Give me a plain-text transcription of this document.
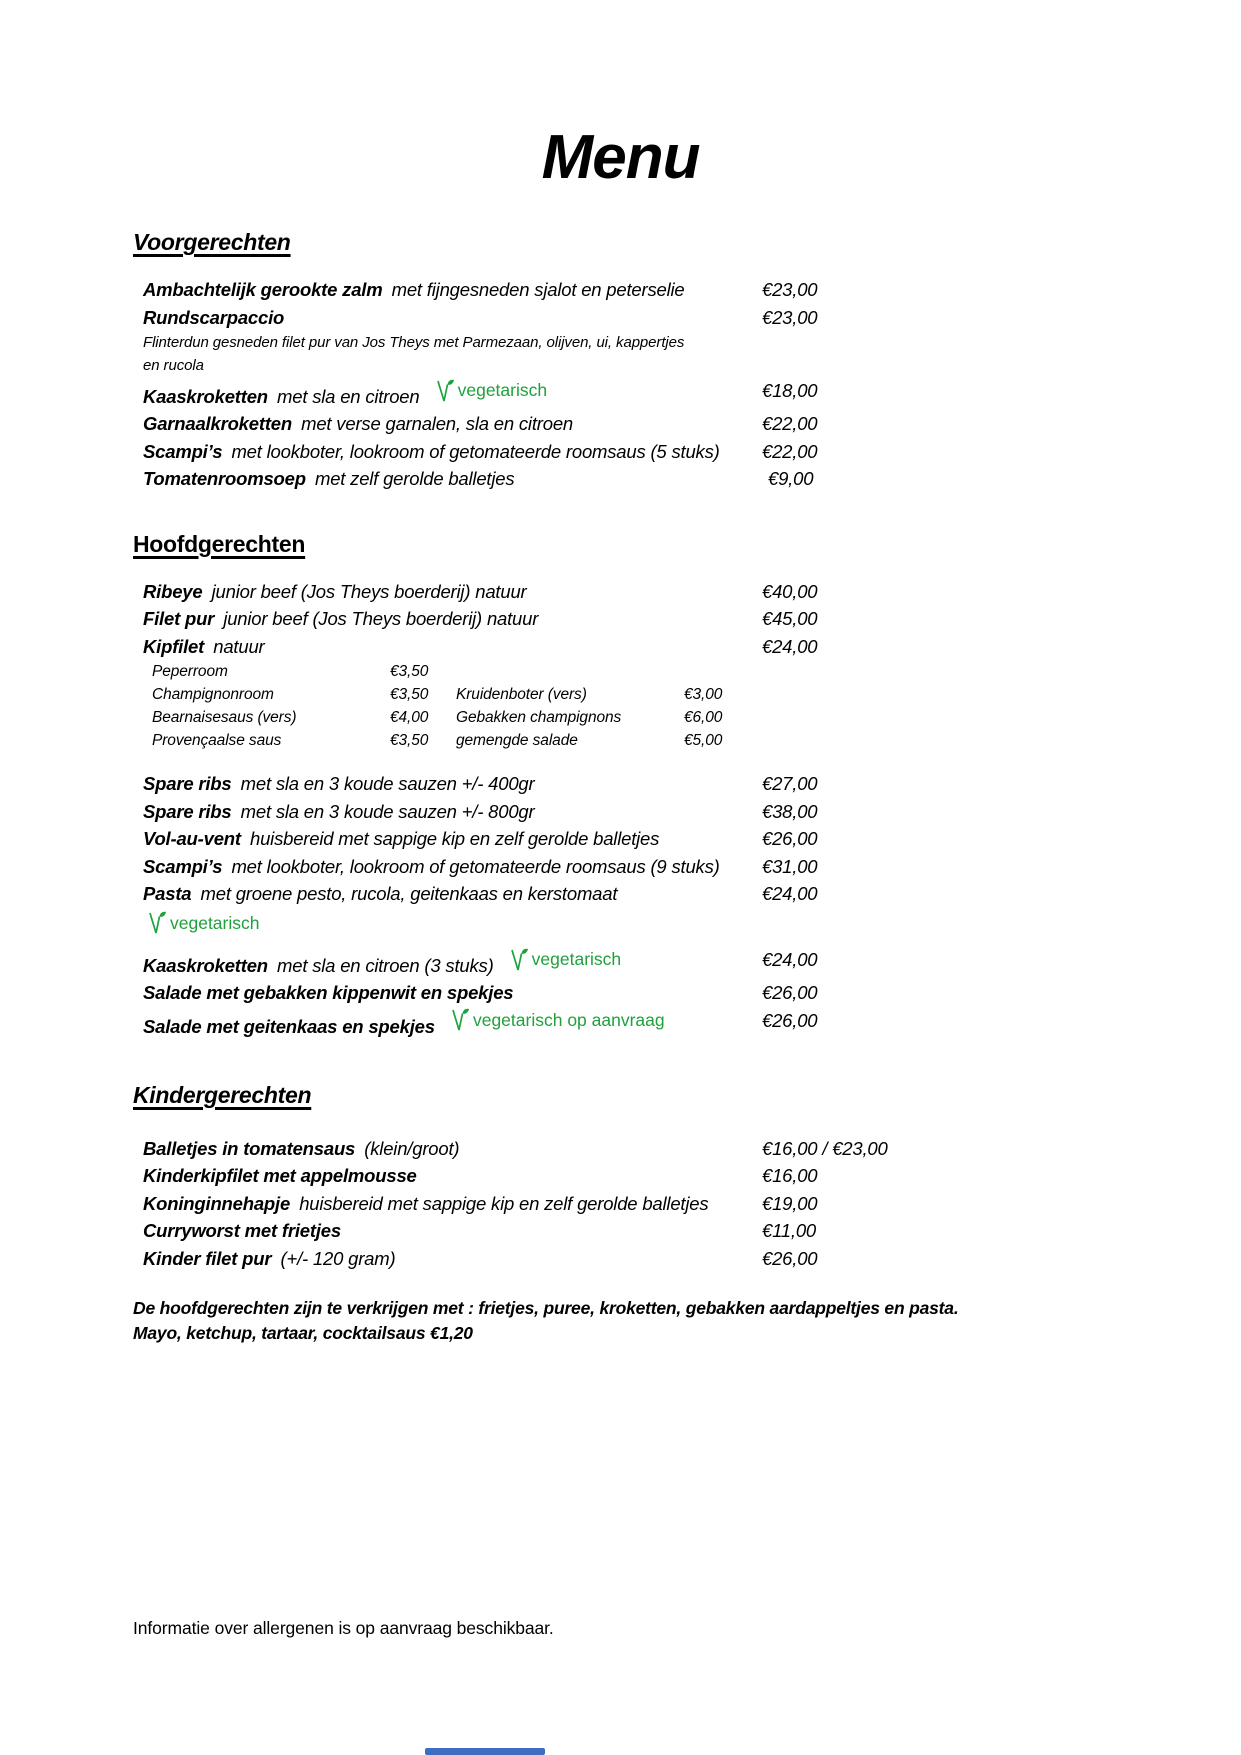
Menu
Voorgerechten
Ambachtelijk gerookte zalm met fijngesneden sjalot en peterselie	€23,00
Rundscarpaccio	€23,00
Flinterdun gesneden filet pur van Jos Theys met Parmezaan, olijven, ui, kappertjes en rucola
Kaaskroketten met sla en citroen vegetarisch	€18,00
Garnaalkroketten met verse garnalen, sla en citroen	€22,00
Scampi’s met lookboter, lookroom of getomateerde roomsaus (5 stuks) €22,00
Tomatenroomsoep met zelf gerolde balletjes	€9,00
Hoofdgerechten
Ribeye junior beef (Jos Theys boerderij) natuur	€40,00
Filet pur junior beef (Jos Theys boerderij) natuur	€45,00
Kipfilet natuur	€24,00
Peperroom	€3,50
Champignonroom	€3,50	Kruidenboter (vers)	€3,00
Bearnaisesaus (vers)	€4,00	Gebakken champignons	€6,00
Provençaalse saus	€3,50	gemengde salade	€5,00
Spare ribs met sla en 3 koude sauzen +/- 400gr	€27,00
Spare ribs met sla en 3 koude sauzen +/- 800gr	€38,00
Vol-au-vent huisbereid met sappige kip en zelf gerolde balletjes	€26,00
Scampi’s met lookboter, lookroom of getomateerde roomsaus (9 stuks) €31,00
Pasta met groene pesto, rucola, geitenkaas en kerstomaat	€24,00
vegetarisch
Kaaskroketten met sla en citroen (3 stuks) vegetarisch	€24,00
Salade met gebakken kippenwit en spekjes	€26,00
Salade met geitenkaas en spekjes vegetarisch op aanvraag	€26,00
Kindergerechten
Balletjes in tomatensaus (klein/groot)	€16,00 / €23,00
Kinderkipfilet met appelmousse	€16,00
Koninginnehapje huisbereid met sappige kip en zelf gerolde balletjes	€19,00
Curryworst met frietjes	€11,00
Kinder filet pur (+/- 120 gram)	€26,00
De hoofdgerechten zijn te verkrijgen met : frietjes, puree, kroketten, gebakken aardappeltjes en pasta.
Mayo, ketchup, tartaar, cocktailsaus €1,20
Informatie over allergenen is op aanvraag beschikbaar.
